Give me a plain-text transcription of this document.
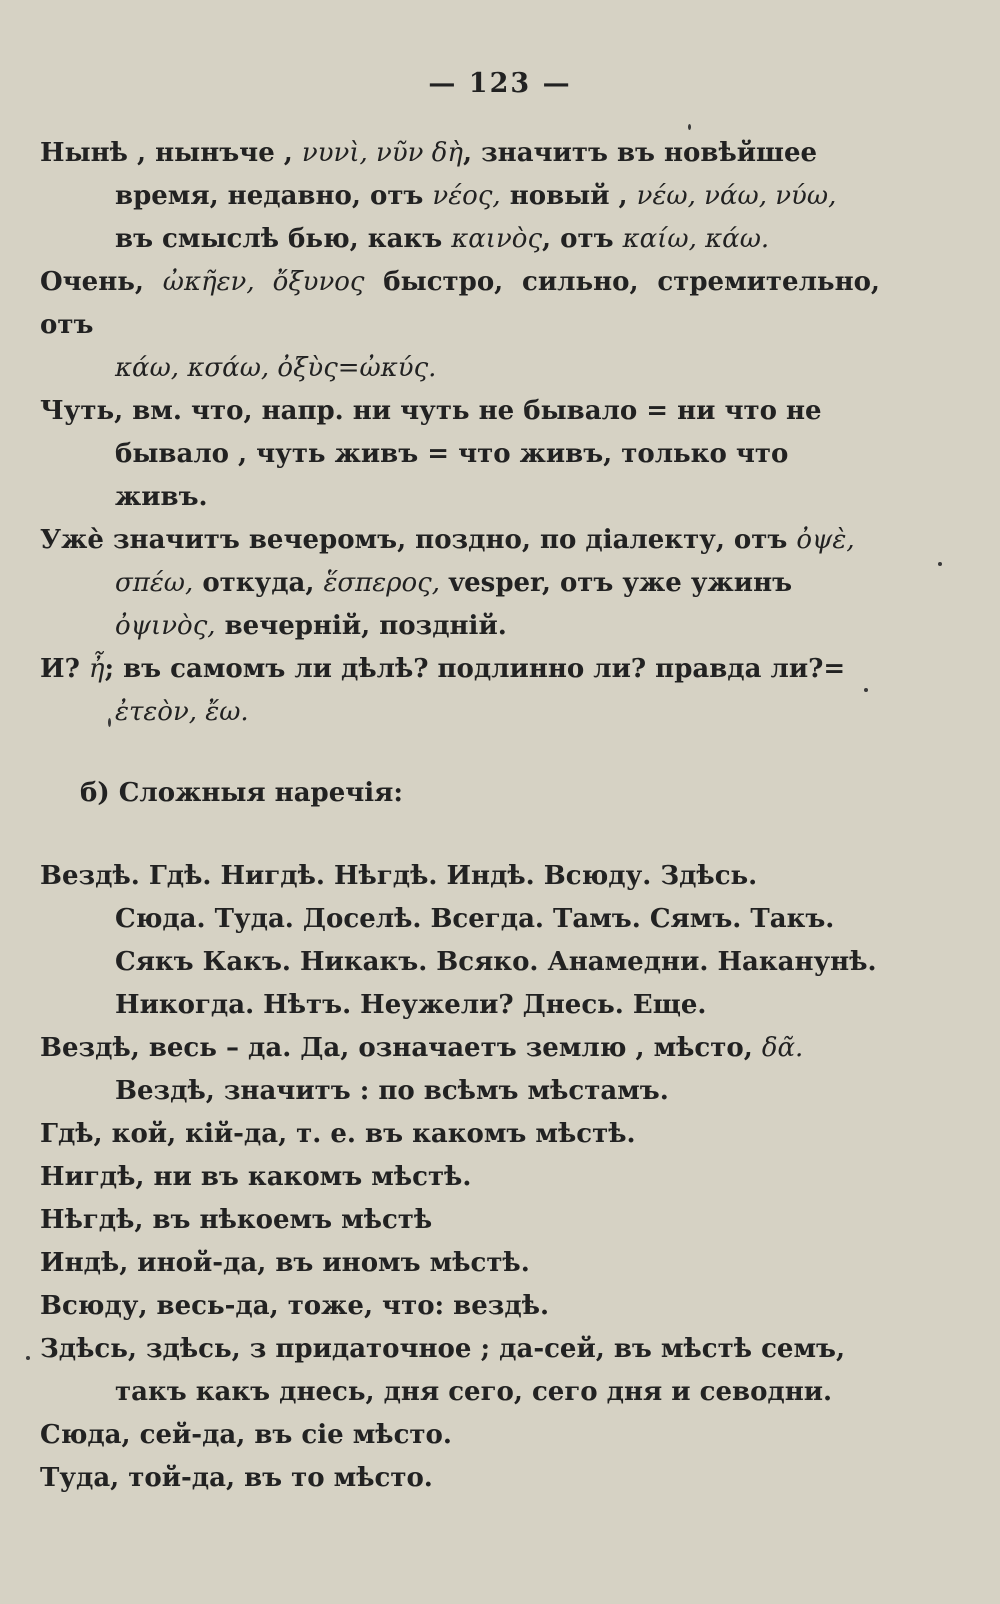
— 123 —
Нынѣ , нынъче , νυνὶ, νῦν δὴ, значитъ въ новѣйшее
время, недавно, отъ νέος, новый , νέω, νάω, νύω,
въ смыслѣ бью, какъ καινὸς, отъ καίω, κάω.
Очень, ὠκῆεν, ὄξυνος быстро, сильно, стремительно, отъ
κάω, κσάω, ὀξὺς=ὠκύς.
Чуть, вм. что, напр. ни чуть не бывало = ни что не
бывало , чуть живъ = что живъ, только что
живъ.
Ужѐ значитъ вечеромъ, поздно, по діалекту, отъ ὀψὲ,
σπέω, откуда, ἕσπερος, vesper, отъ уже ужинъ
ὀψινὸς, вечерній, поздній.
И? ἦ; въ самомъ ли дѣлѣ? подлинно ли? правда ли?=
ἐτεὸν, ἔω.
б) Сложныя наречія:
Вездѣ. Гдѣ. Нигдѣ. Нѣгдѣ. Индѣ. Всюду. Здѣсь.
Сюда. Туда. Доселѣ. Всегда. Тамъ. Сямъ. Такъ.
Сякъ Какъ. Никакъ. Всяко. Анамедни. Наканунѣ.
Никогда. Нѣтъ. Неужели? Днесь. Еще.
Вездѣ, весь – да. Да, означаетъ землю , мѣсто, δᾶ.
Вездѣ, значитъ : по всѣмъ мѣстамъ.
Гдѣ, кой, кій-да, т. е. въ какомъ мѣстѣ.
Нигдѣ, ни въ какомъ мѣстѣ.
Нѣгдѣ, въ нѣкоемъ мѣстѣ
Индѣ, иной-да, въ иномъ мѣстѣ.
Всюду, весь-да, тоже, что: вездѣ.
Здѣсь, здѣсь, з придаточное ; да-сей, въ мѣстѣ семъ,
такъ какъ днесь, дня сего, сего дня и севодни.
Сюда, сей-да, въ сіе мѣсто.
Туда, той-да, въ то мѣсто.
